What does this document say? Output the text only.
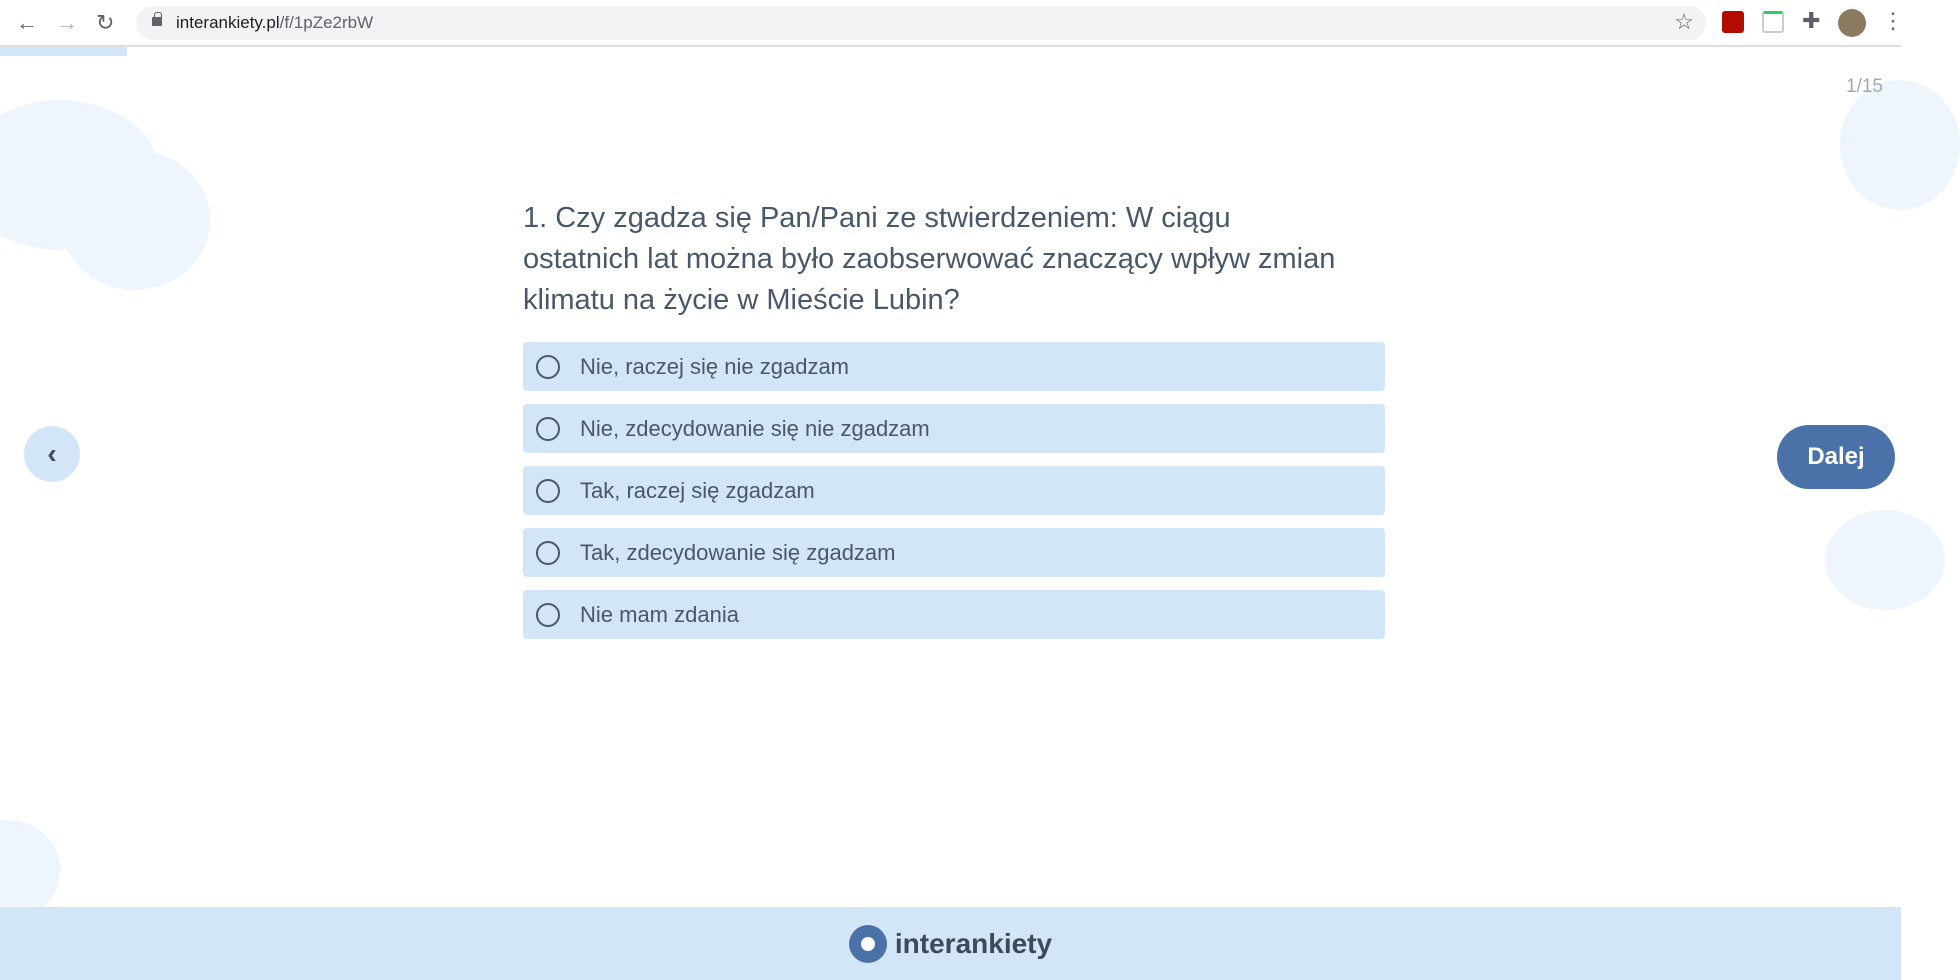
← → ↻	interankiety.pl/f/1pZe2rbW	☆	✚	⋮
1/15
1. Czy zgadza się Pan/Pani ze stwierdzeniem: W ciągu ostatnich lat można było zaobserwować znaczący wpływ zmian klimatu na życie w Mieście Lubin?
Nie, raczej się nie zgadzam
Nie, zdecydowanie się nie zgadzam
Tak, raczej się zgadzam
Tak, zdecydowanie się zgadzam
Nie mam zdania
‹	Dalej
interankiety
